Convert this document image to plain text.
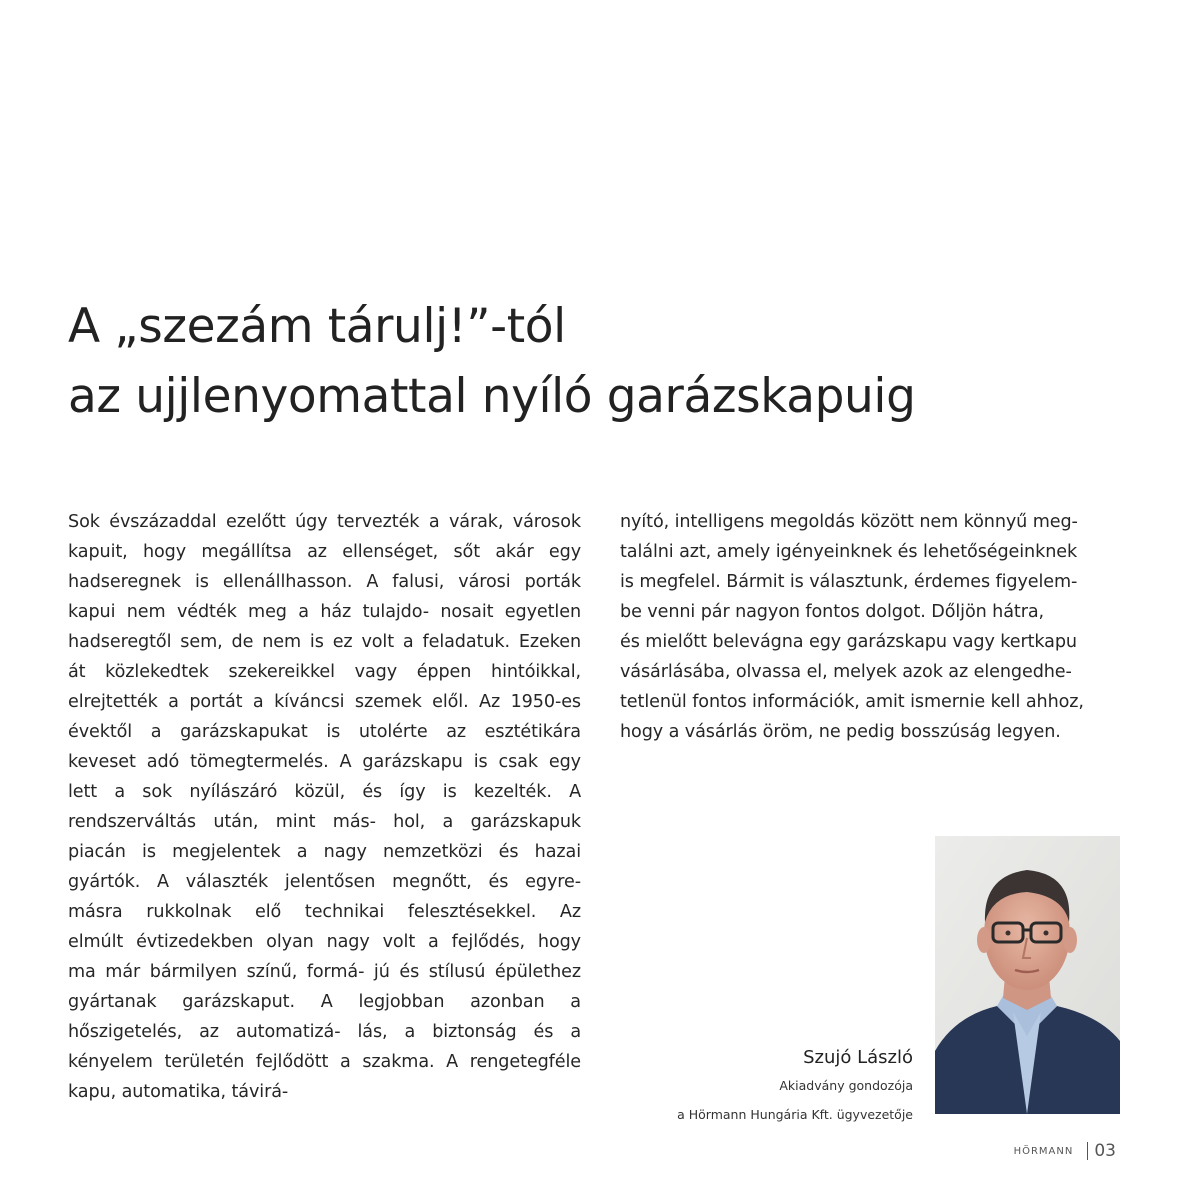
A „szezám tárulj!”-tól
az ujjlenyomattal nyíló garázskapuig
Sok évszázaddal ezelőtt úgy tervezték a várak, városok
kapuit, hogy megállítsa az ellenséget, sőt akár egy
hadseregnek is ellenállhasson. A falusi, városi porták
kapui nem védték meg a ház tulajdo- nosait egyetlen
hadseregtől sem, de nem is ez volt a feladatuk. Ezeken
át közlekedtek szekereikkel vagy éppen hintóikkal,
elrejtették a portát a kíváncsi szemek elől. Az 1950-es
évektől a garázskapukat is utolérte az esztétikára
keveset adó tömegtermelés. A garázskapu is csak egy
lett a sok nyílászáró közül, és így is kezelték. A
rendszerváltás után, mint más- hol, a garázskapuk
piacán is megjelentek a nagy nemzetközi és hazai
gyártók. A választék jelentősen megnőtt, és egyre-
másra rukkolnak elő technikai felesztésekkel. Az
elmúlt évtizedekben olyan nagy volt a fejlődés, hogy
ma már bármilyen színű, formá- jú és stílusú épülethez
gyártanak garázskaput. A legjobban azonban a
hőszigetelés, az automatizá- lás, a biztonság és a
kényelem területén fejlődött a szakma. A rengetegféle
kapu, automatika, távirá-
nyító, intelligens megoldás között nem könnyű meg-
találni azt, amely igényeinknek és lehetőségeinknek
is megfelel. Bármit is választunk, érdemes figyelem-
be venni pár nagyon fontos dolgot. Dőljön hátra,
és mielőtt belevágna egy garázskapu vagy kertkapu
vásárlásába, olvassa el, melyek azok az elengedhe-
tetlenül fontos információk, amit ismernie kell ahhoz,
hogy a vásárlás öröm, ne pedig bosszúság legyen.
Szujó László
Akiadvány gondozója
a Hörmann Hungária Kft. ügyvezetője
HÖRMANN 03
